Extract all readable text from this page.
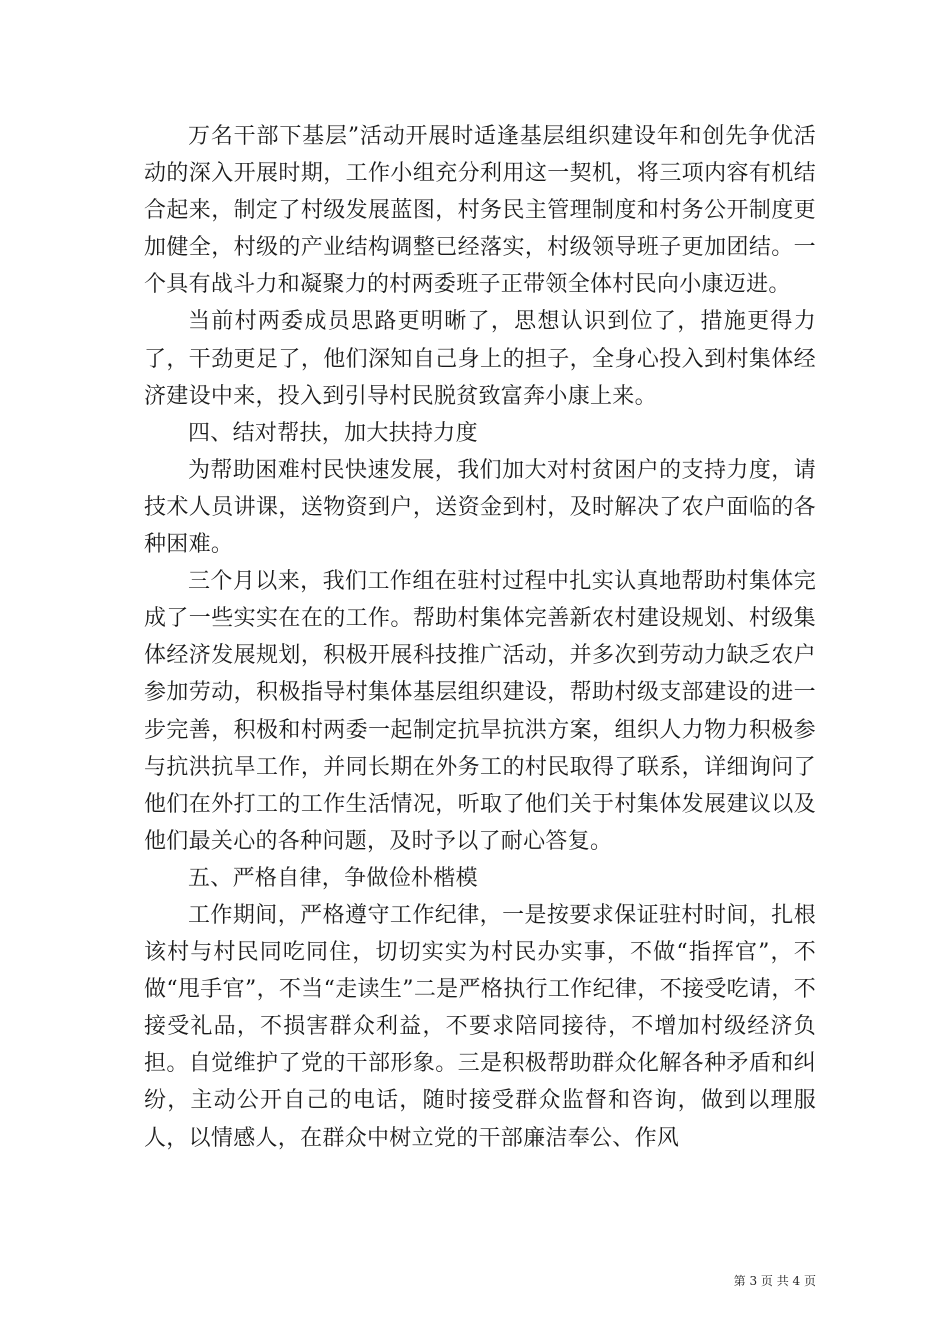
万名干部下基层”活动开展时适逢基层组织建设年和创先争优活动的深入开展时期，工作小组充分利用这一契机，将三项内容有机结合起来，制定了村级发展蓝图，村务民主管理制度和村务公开制度更加健全，村级的产业结构调整已经落实，村级领导班子更加团结。一个具有战斗力和凝聚力的村两委班子正带领全体村民向小康迈进。

当前村两委成员思路更明晰了，思想认识到位了，措施更得力了，干劲更足了，他们深知自己身上的担子，全身心投入到村集体经济建设中来，投入到引导村民脱贫致富奔小康上来。

四、结对帮扶，加大扶持力度

为帮助困难村民快速发展，我们加大对村贫困户的支持力度，请技术人员讲课，送物资到户，送资金到村，及时解决了农户面临的各种困难。

三个月以来，我们工作组在驻村过程中扎实认真地帮助村集体完成了一些实实在在的工作。帮助村集体完善新农村建设规划、村级集体经济发展规划，积极开展科技推广活动，并多次到劳动力缺乏农户参加劳动，积极指导村集体基层组织建设，帮助村级支部建设的进一步完善，积极和村两委一起制定抗旱抗洪方案，组织人力物力积极参与抗洪抗旱工作，并同长期在外务工的村民取得了联系，详细询问了他们在外打工的工作生活情况，听取了他们关于村集体发展建议以及他们最关心的各种问题，及时予以了耐心答复。

五、严格自律，争做俭朴楷模

工作期间，严格遵守工作纪律，一是按要求保证驻村时间，扎根该村与村民同吃同住，切切实实为村民办实事，不做“指挥官”，不做“甩手官”，不当“走读生”二是严格执行工作纪律，不接受吃请，不接受礼品，不损害群众利益，不要求陪同接待，不增加村级经济负担。自觉维护了党的干部形象。三是积极帮助群众化解各种矛盾和纠纷，主动公开自己的电话，随时接受群众监督和咨询，做到以理服人，以情感人，在群众中树立党的干部廉洁奉公、作风

第 3 页 共 4 页
